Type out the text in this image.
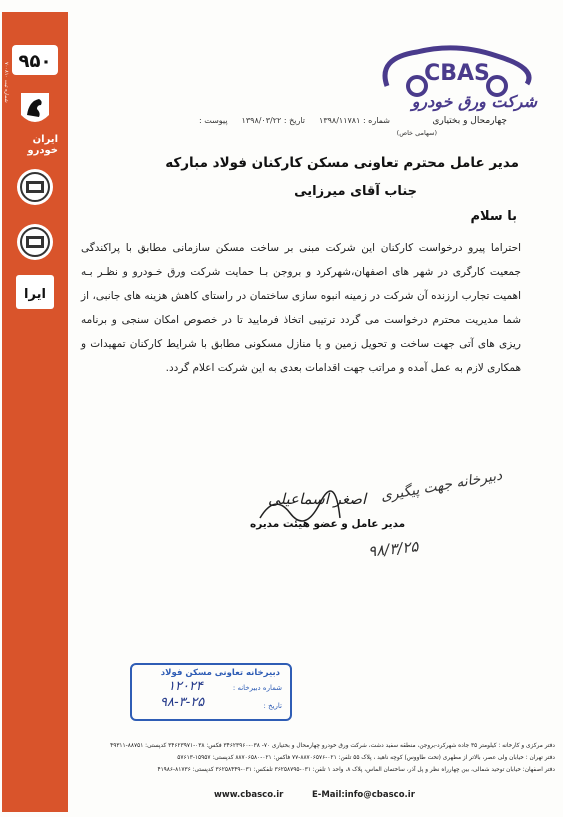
شماره ثبت ۷۰۰۸۱۰
۹۵۰
ایران خودرو
ایرا
CBAS
شرکت ورق خودرو
چهارمحال و بختیاری
(سهامی خاص)
شماره : ۱۳۹۸/۱۱۷۸۱
تاریخ : ۱۳۹۸/۰۳/۲۲
پیوست :
مدیر عامل محترم تعاونی مسکن کارکنان فولاد مبارکه
جناب آقای میرزایی
با سلام
احتراما پیرو درخواست کارکنان این شرکت مبنی بر ساخت مسکن سازمانی مطابق با پراکندگی جمعیت کارگری در شهر های اصفهان،شهرکرد و بروجن بـا حمایت شرکت ورق خـودرو و نظـر بـه اهمیت تجارب ارزنده آن شرکت در زمینه انبوه سازی ساختمان در راستای کاهش هزینه های جانبی، از شما مدیریت محترم درخواست می گردد ترتیبی اتخاذ فرمایید تا در خصوص امکان سنجی و برنامه ریزی های آتی جهت ساخت و تحویل زمین و یا منازل مسکونی مطابق با شرایط کارکنان تمهیدات و همکاری لازم به عمل آمده و مراتب جهت اقدامات بعدی به این شرکت اعلام گردد.
دبیرخانه جهت پیگیری
اصغر اسماعیلی
مدیر عامل و عضو هیئت مدیره
۹۸/۳/۲۵
دبیرخانه تعاونی مسکن فولاد
شماره دبیرخانه :
۱۲۰۲۴
تاریخ :
۹۸-۳-۲۵
دفتر مرکزی و کارخانه : کیلومتر ۳۵ جاده شهرکرد-بروجن، منطقه سفید دشت، شرکت ورق خودرو چهارمحال و بختیاری ۷۰- ۰۳۸-۳۴۶۲۳۹۶۰ فکس: ۰۳۸-۳۴۶۲۳۹۷۱ کدپستی: ۸۸۷۵۱-۴۹۳۱۱
دفتر تهران : خیابان ولی عصر، بالاتر از مطهری (تخت طاووس) کوچه ناهید ، پلاک ۵۵ تلفن: ۰۲۱-۸۸۷۰۶۵۷۶-۷۷ فاکس: ۰۲۱-۸۸۷۰۶۵۸۰ کدپستی: ۱۵۹۵۷-۵۷۶۱۳
دفتر اصفهان: خیابان توحید شمالی، بین چهارراه نظر و پل آذر، ساختمان الماس، پلاک ۸، واحد ۱ تلفن: ۰۳۱-۳۶۲۵۸۷۹۵ تلفکس: ۰۳۱-۳۶۲۵۸۴۴۹ کدپستی: ۸۱۷۳۶-۴۱۹۸۶
www.cbasco.ir	E-Mail:info@cbasco.ir
